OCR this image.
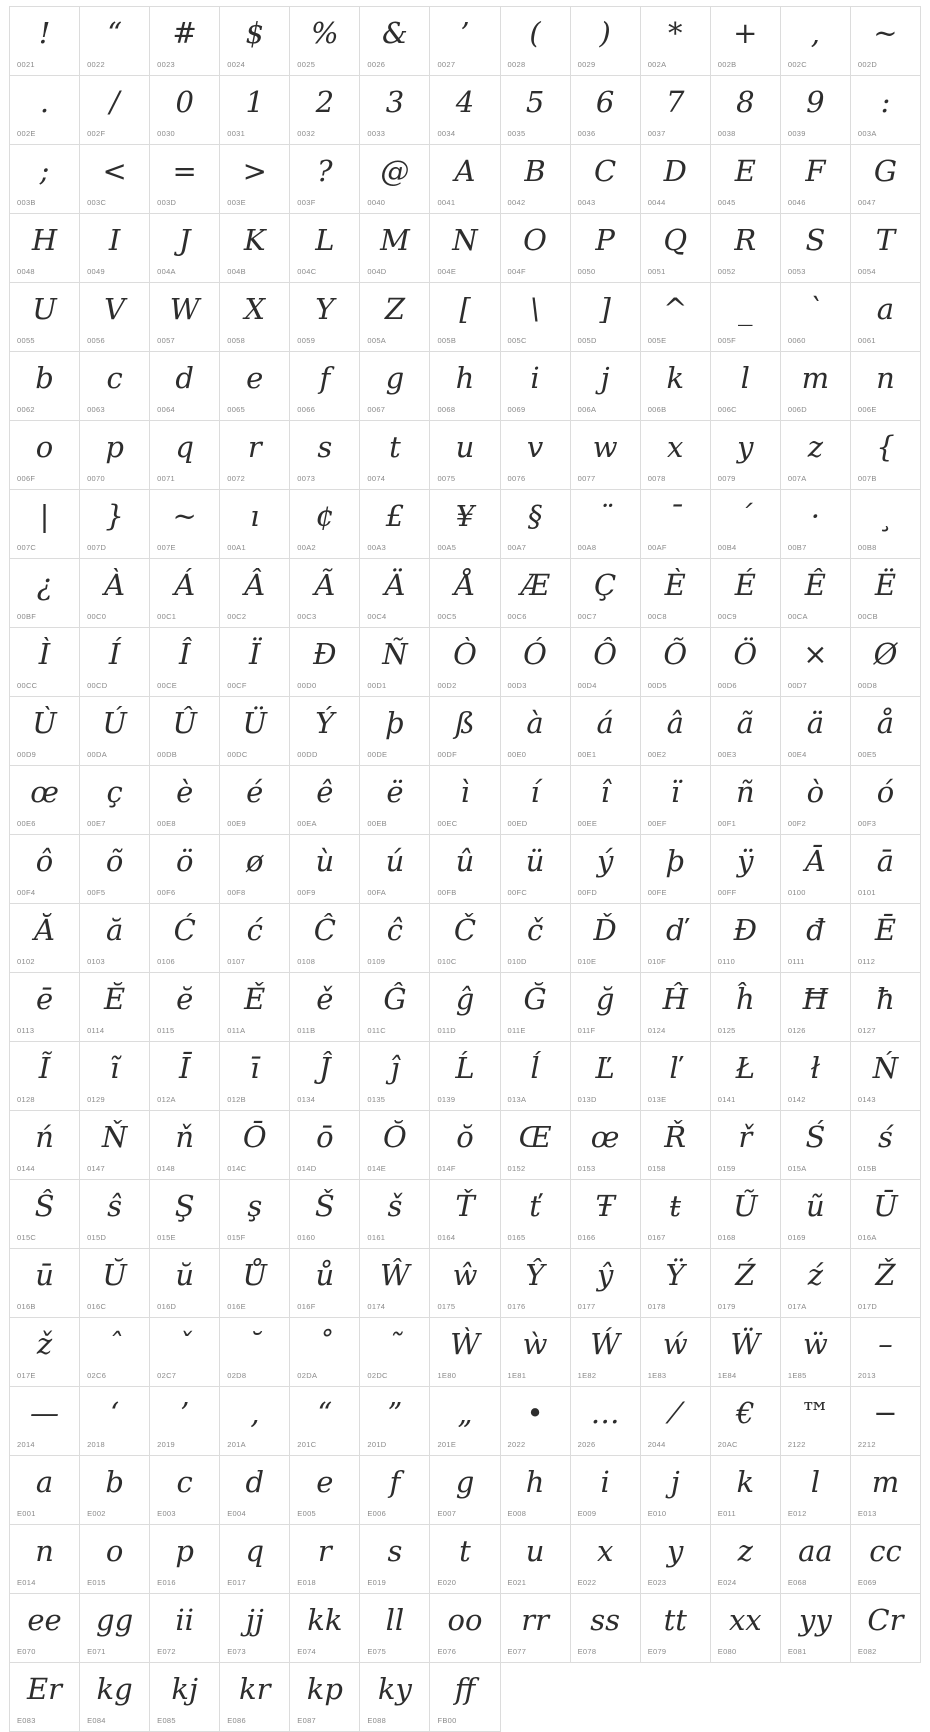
!
0021
“
0022
#
0023
$
0024
%
0025
&
0026
’
0027
(
0028
)
0029
*
002A
+
002B
,
002C
~
002D
.
002E
/
002F
0
0030
1
0031
2
0032
3
0033
4
0034
5
0035
6
0036
7
0037
8
0038
9
0039
:
003A
;
003B
<
003C
=
003D
>
003E
?
003F
@
0040
A
0041
B
0042
C
0043
D
0044
E
0045
F
0046
G
0047
H
0048
I
0049
J
004A
K
004B
L
004C
M
004D
N
004E
O
004F
P
0050
Q
0051
R
0052
S
0053
T
0054
U
0055
V
0056
W
0057
X
0058
Y
0059
Z
005A
[
005B
\
005C
]
005D
^
005E
_
005F
`
0060
a
0061
b
0062
c
0063
d
0064
e
0065
f
0066
g
0067
h
0068
i
0069
j
006A
k
006B
l
006C
m
006D
n
006E
o
006F
p
0070
q
0071
r
0072
s
0073
t
0074
u
0075
v
0076
w
0077
x
0078
y
0079
z
007A
{
007B
|
007C
}
007D
~
007E
ı
00A1
¢
00A2
£
00A3
¥
00A5
§
00A7
¨
00A8
¯
00AF
´
00B4
·
00B7
¸
00B8
¿
00BF
À
00C0
Á
00C1
Â
00C2
Ã
00C3
Ä
00C4
Å
00C5
Æ
00C6
Ç
00C7
È
00C8
É
00C9
Ê
00CA
Ë
00CB
Ì
00CC
Í
00CD
Î
00CE
Ï
00CF
Ð
00D0
Ñ
00D1
Ò
00D2
Ó
00D3
Ô
00D4
Õ
00D5
Ö
00D6
×
00D7
Ø
00D8
Ù
00D9
Ú
00DA
Û
00DB
Ü
00DC
Ý
00DD
þ
00DE
ß
00DF
à
00E0
á
00E1
â
00E2
ã
00E3
ä
00E4
å
00E5
œ
00E6
ç
00E7
è
00E8
é
00E9
ê
00EA
ë
00EB
ì
00EC
í
00ED
î
00EE
ï
00EF
ñ
00F1
ò
00F2
ó
00F3
ô
00F4
õ
00F5
ö
00F6
ø
00F8
ù
00F9
ú
00FA
û
00FB
ü
00FC
ý
00FD
þ
00FE
ÿ
00FF
Ā
0100
ā
0101
Ă
0102
ă
0103
Ć
0106
ć
0107
Ĉ
0108
ĉ
0109
Č
010C
č
010D
Ď
010E
ď
010F
Đ
0110
đ
0111
Ē
0112
ē
0113
Ĕ
0114
ĕ
0115
Ě
011A
ě
011B
Ĝ
011C
ĝ
011D
Ğ
011E
ğ
011F
Ĥ
0124
ĥ
0125
Ħ
0126
ħ
0127
Ĩ
0128
ĩ
0129
Ī
012A
ī
012B
Ĵ
0134
ĵ
0135
Ĺ
0139
ĺ
013A
Ľ
013D
ľ
013E
Ł
0141
ł
0142
Ń
0143
ń
0144
Ň
0147
ň
0148
Ō
014C
ō
014D
Ŏ
014E
ŏ
014F
Œ
0152
œ
0153
Ř
0158
ř
0159
Ś
015A
ś
015B
Ŝ
015C
ŝ
015D
Ş
015E
ş
015F
Š
0160
š
0161
Ť
0164
ť
0165
Ŧ
0166
ŧ
0167
Ũ
0168
ũ
0169
Ū
016A
ū
016B
Ŭ
016C
ŭ
016D
Ů
016E
ů
016F
Ŵ
0174
ŵ
0175
Ŷ
0176
ŷ
0177
Ÿ
0178
Ź
0179
ź
017A
Ž
017D
ž
017E
ˆ
02C6
ˇ
02C7
˘
02D8
˚
02DA
˜
02DC
Ẁ
1E80
ẁ
1E81
Ẃ
1E82
ẃ
1E83
Ẅ
1E84
ẅ
1E85
–
2013
—
2014
‘
2018
’
2019
‚
201A
“
201C
”
201D
„
201E
•
2022
…
2026
⁄
2044
€
20AC
™
2122
−
2212
a
E001
b
E002
c
E003
d
E004
e
E005
f
E006
g
E007
h
E008
i
E009
j
E010
k
E011
l
E012
m
E013
n
E014
o
E015
p
E016
q
E017
r
E018
s
E019
t
E020
u
E021
x
E022
y
E023
z
E024
aa
E068
cc
E069
ee
E070
gg
E071
ii
E072
jj
E073
kk
E074
ll
E075
oo
E076
rr
E077
ss
E078
tt
E079
xx
E080
yy
E081
Cr
E082
Er
E083
kg
E084
kj
E085
kr
E086
kp
E087
ky
E088
ﬀ
FB00
